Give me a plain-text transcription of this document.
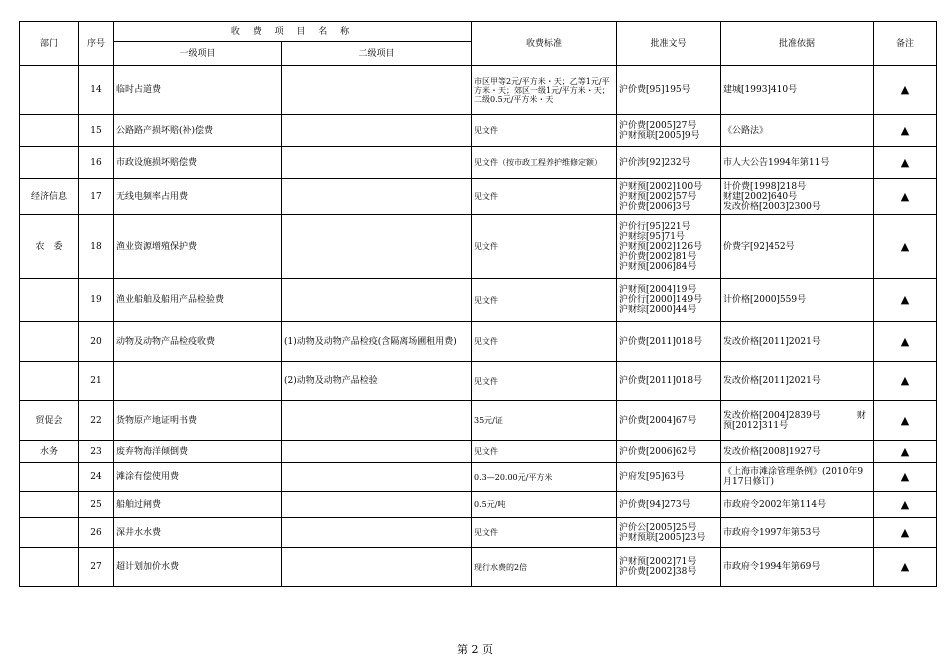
部门	序号	收 费 项 目 名 称		收费标准	批准文号	批准依据	备注
		一级项目	二级项目				
	14	临时占道费		市区甲等2元/平方米・天；乙等1元/平方米・天；郊区一级1元/平方米・天；二级0.5元/平方米・天	沪价费[95]195号	建城[1993]410号	▲
	15	公路路产损坏赔(补)偿费		见文件	沪价费[2005]27号
沪财预联[2005]9号	《公路法》	▲
	16	市政设施损坏赔偿费		见文件（按市政工程养护维修定额）	沪价涉[92]232号	市人大公告1994年第11号	▲
经济信息	17	无线电频率占用费		见文件	沪财预[2002]100号
沪财预[2002]57号
沪价费[2006]3号	计价费[1998]218号
财建[2002]640号
发改价格[2003]2300号	▲
农　委	18	渔业资源增殖保护费		见文件	沪价行[95]221号
沪财综[95]71号
沪财预[2002]126号
沪价费[2002]81号
沪财预[2006]84号	价费字[92]452号	▲
	19	渔业船舶及船用产品检验费		见文件	沪财预[2004]19号
沪价行[2000]149号
沪财综[2000]44号	计价格[2000]559号	▲
	20	动物及动物产品检疫收费	(1)动物及动物产品检疫(含隔离场圃租用费)	见文件	沪价费[2011]018号	发改价格[2011]2021号	▲
	21		(2)动物及动物产品检验	见文件	沪价费[2011]018号	发改价格[2011]2021号	▲
贸促会	22	货物原产地证明书费		35元/证	沪价费[2004]67号	发改价格[2004]2839号　　　　财预[2012]311号	▲
水务	23	废弃物海洋倾倒费		见文件	沪价费[2006]62号	发改价格[2008]1927号	▲
	24	滩涂有偿使用费		0.3—20.00元/平方米	沪府发[95]63号	《上海市滩涂管理条例》(2010年9月17日修订)	▲
	25	船舶过闸费		0.5元/吨	沪价费[94]273号	市政府令2002年第114号	▲
	26	深井水水费		见文件	沪价公[2005]25号
沪财预联[2005]23号	市政府令1997年第53号	▲
	27	超计划加价水费		现行水费的2倍	沪财预[2002]71号
沪价费[2002]38号	市政府令1994年第69号	▲
第 2 页
